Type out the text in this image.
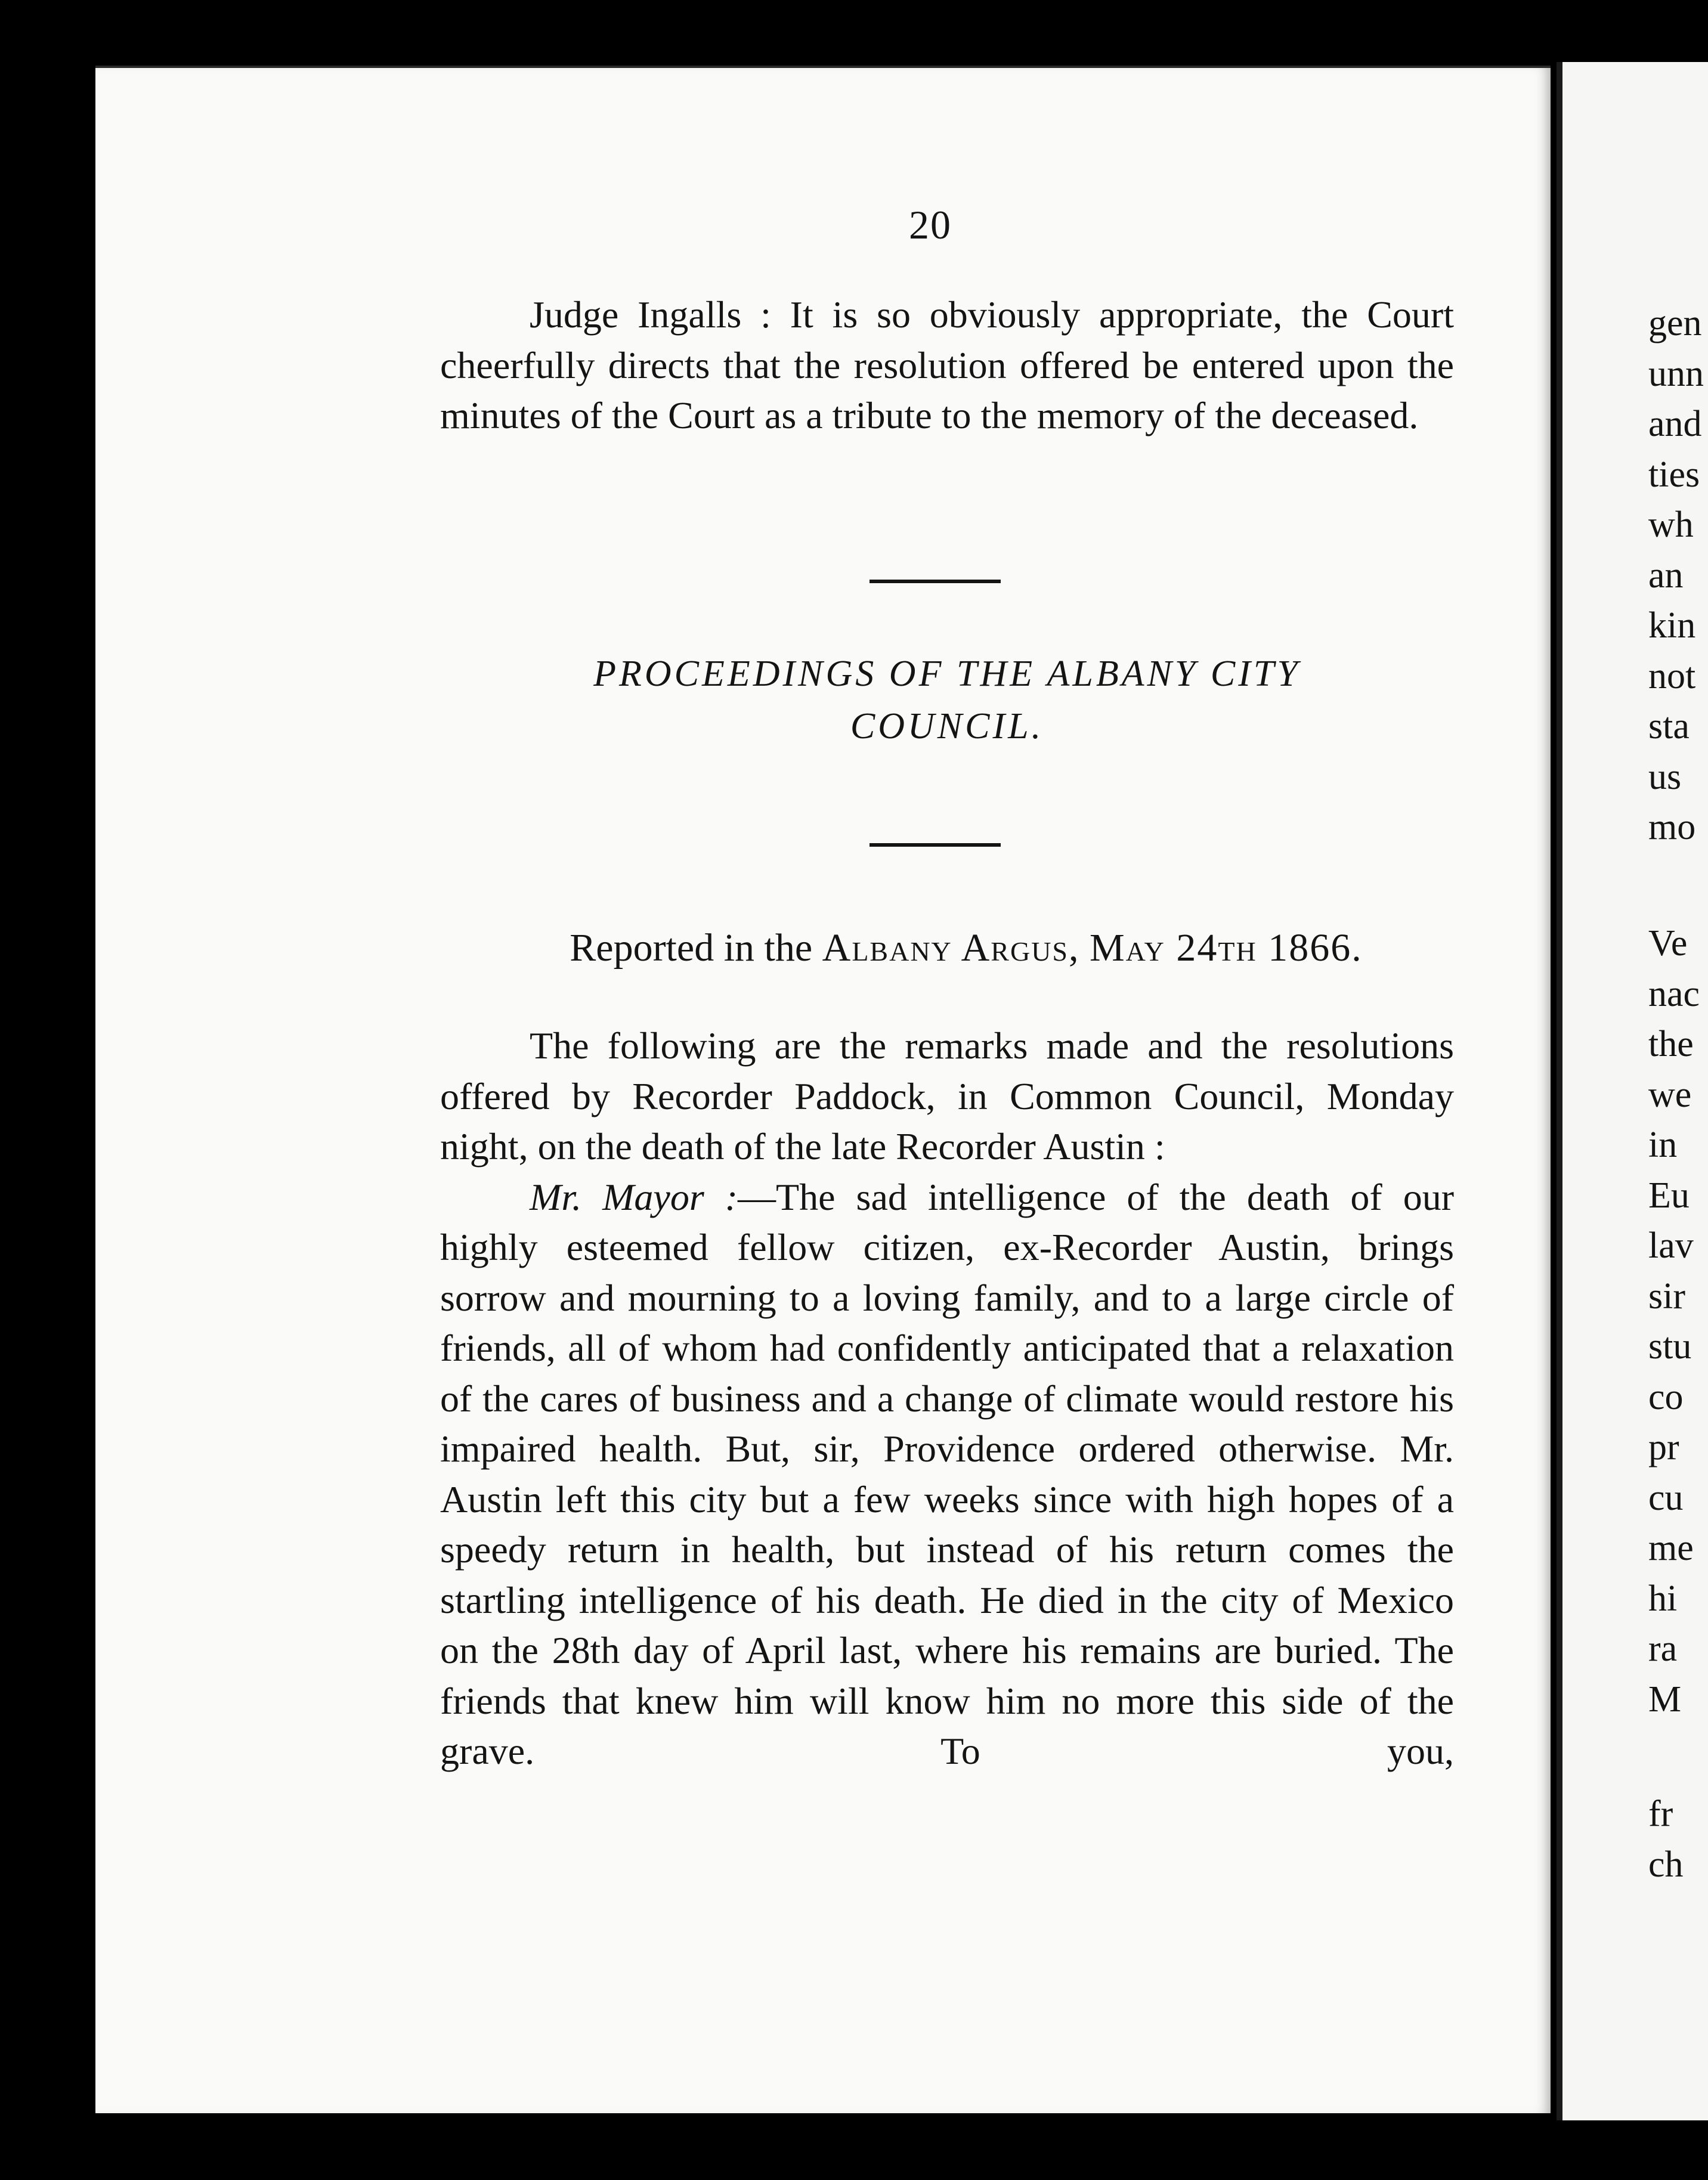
20

Judge Ingalls : It is so obviously appropriate, the Court cheerfully directs that the resolution offered be entered upon the minutes of the Court as a tribute to the memory of the deceased.

PROCEEDINGS OF THE ALBANY CITY
COUNCIL.
Reported in the Albany Argus, May 24th 1866.

The following are the remarks made and the resolutions offered by Recorder Paddock, in Common Council, Monday night, on the death of the late Recorder Austin :

Mr. Mayor :—The sad intelligence of the death of our highly esteemed fellow citizen, ex-Recorder Austin, brings sorrow and mourning to a loving family, and to a large circle of friends, all of whom had confidently anticipated that a relaxation of the cares of business and a change of climate would restore his impaired health. But, sir, Providence ordered otherwise. Mr. Austin left this city but a few weeks since with high hopes of a speedy return in health, but instead of his return comes the startling intelligence of his death. He died in the city of Mexico on the 28th day of April last, where his remains are buried. The friends that knew him will know him no more this side of the grave. To you,

gen
unn
and
ties
wh
an
kin
not
sta
us
mo
Ve
nac
the
we
in
Eu
lav
sir
stu
co
pr
cu
me
hi
ra
M
fr
ch
